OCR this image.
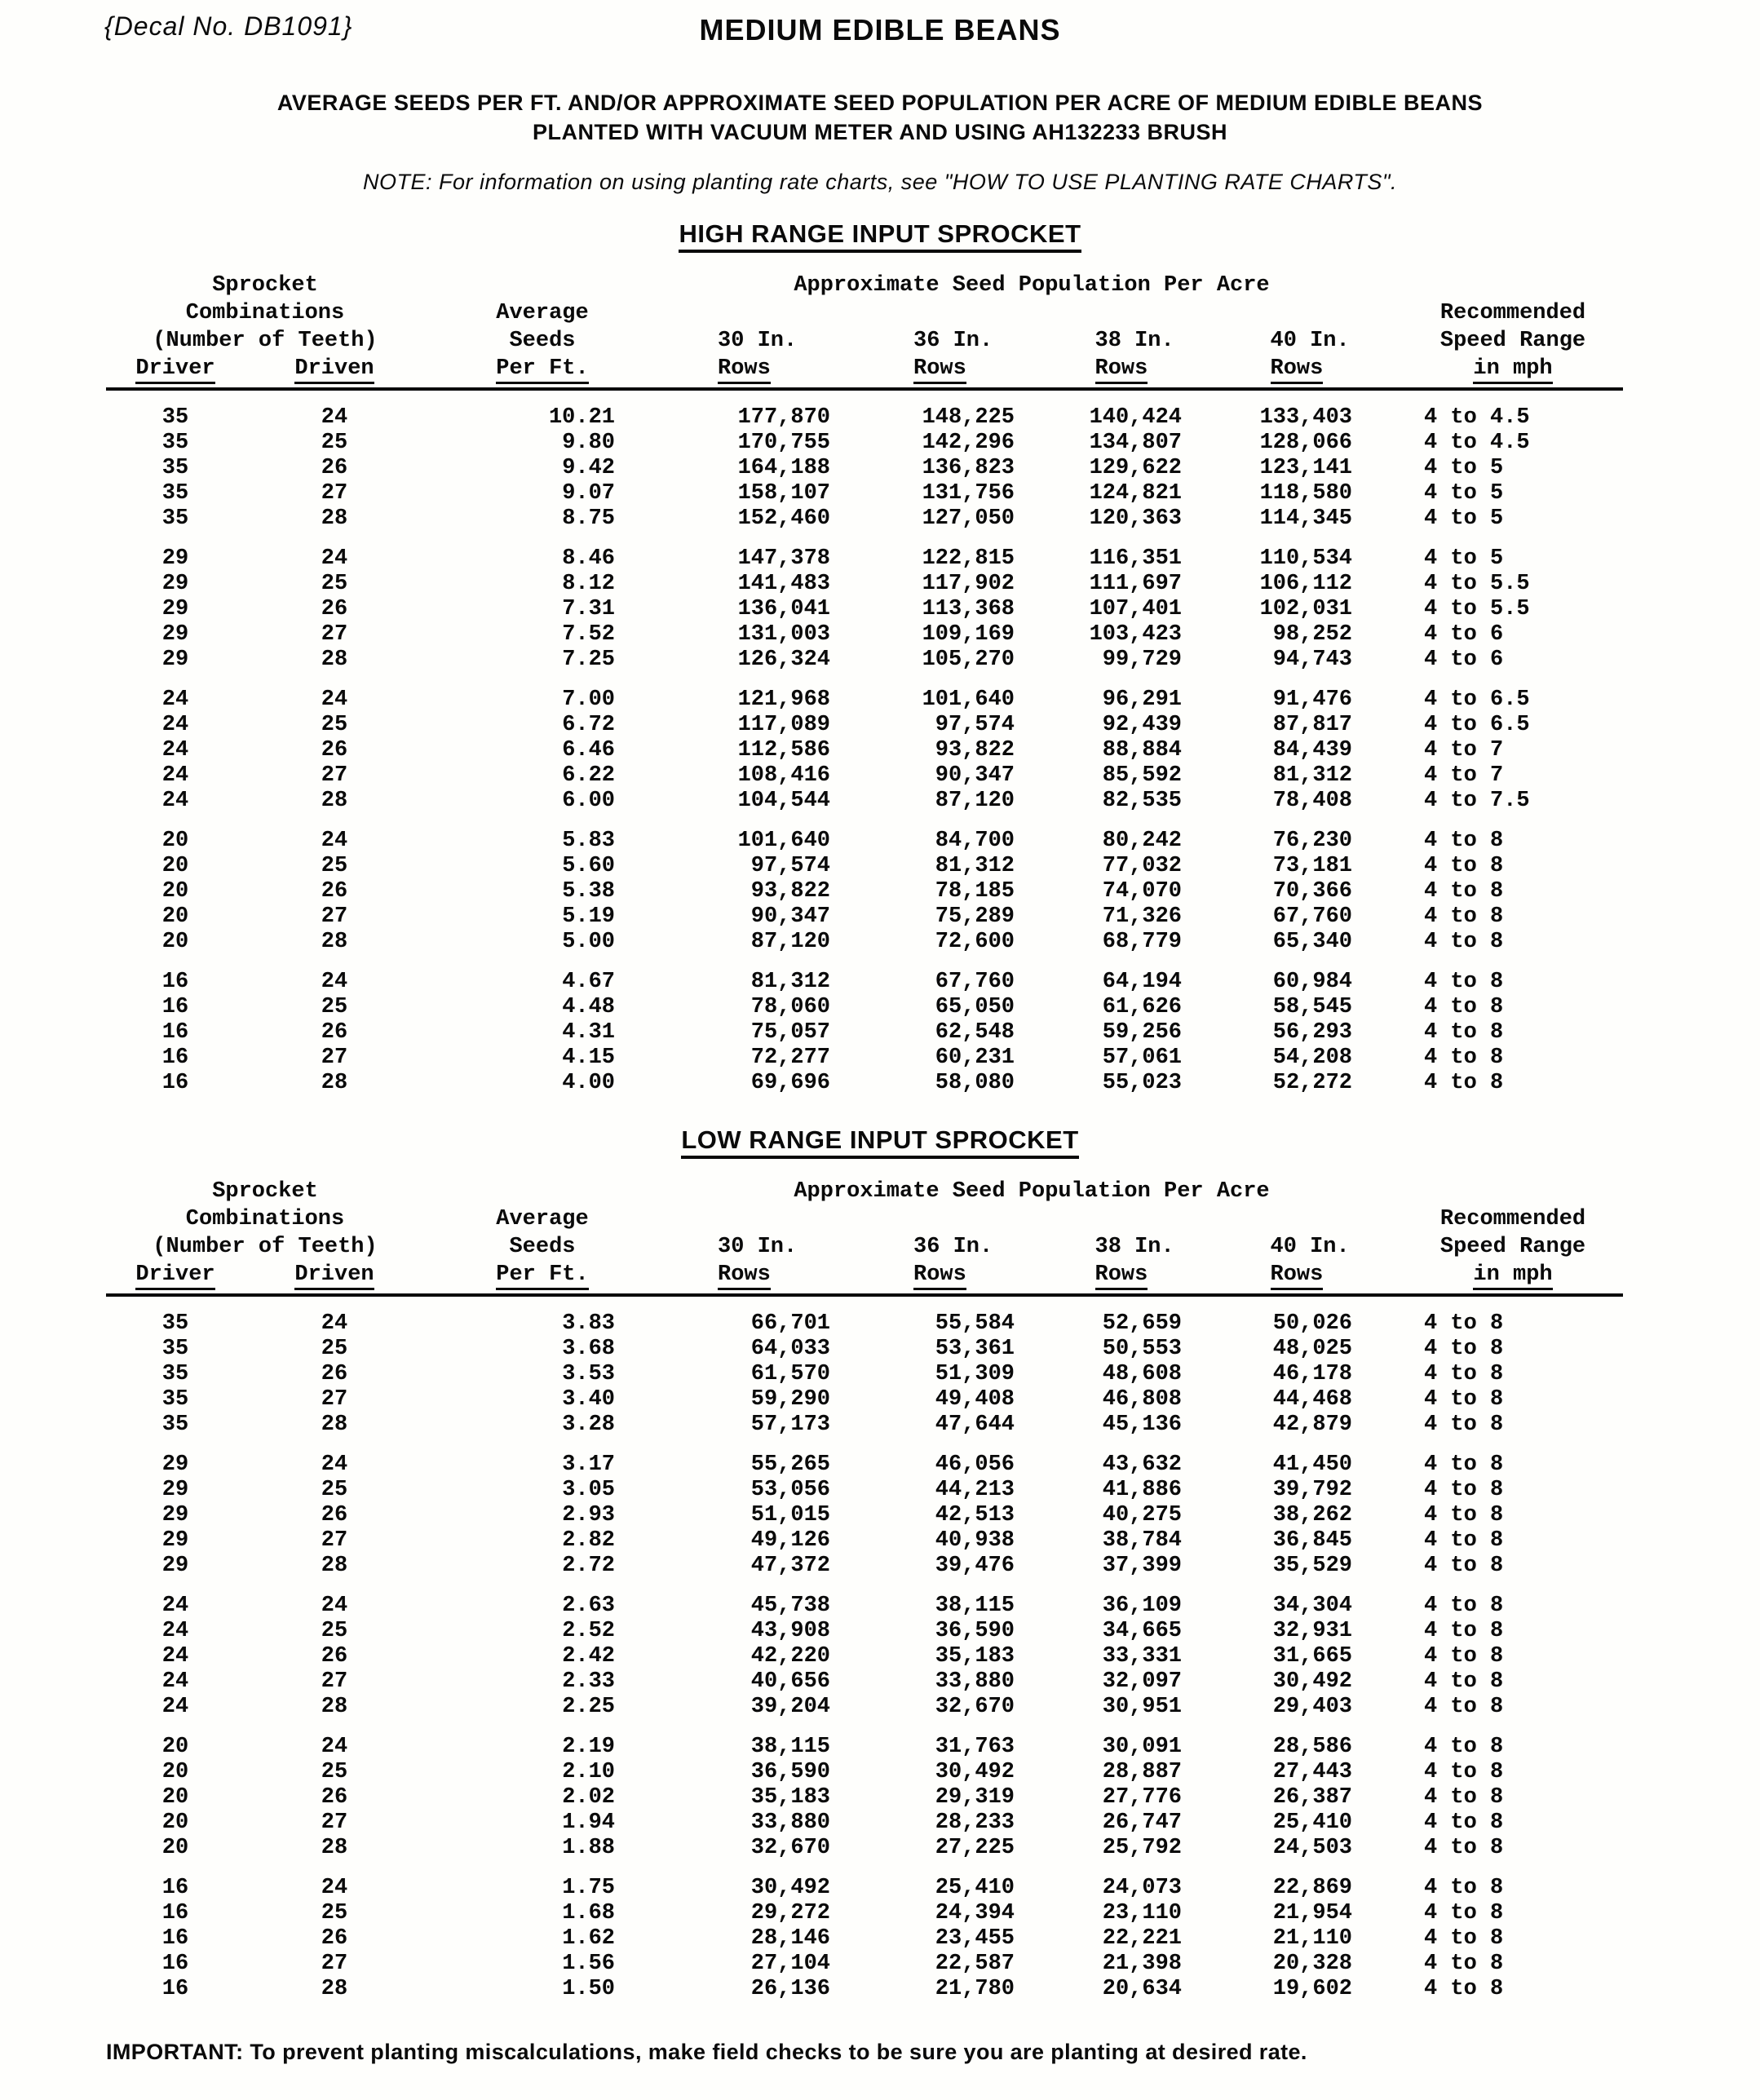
{Decal No. DB1091}	MEDIUM EDIBLE BEANS
AVERAGE SEEDS PER FT. AND/OR APPROXIMATE SEED POPULATION PER ACRE OF MEDIUM EDIBLE BEANS
PLANTED WITH VACUUM METER AND USING AH132233 BRUSH
NOTE: For information on using planting rate charts, see "HOW TO USE PLANTING RATE CHARTS".
HIGH RANGE INPUT SPROCKET
Sprocket	Approximate Seed Population Per Acre
Combinations	Average	Recommended
(Number of Teeth)	Seeds	30 In.	36 In.	38 In.	40 In.	Speed Range
Driver	Driven	Per Ft.	Rows	Rows	Rows	Rows	in mph
35	24	10.21	177,870	148,225	140,424	133,403	4 to 4.5
35	25	9.80	170,755	142,296	134,807	128,066	4 to 4.5
35	26	9.42	164,188	136,823	129,622	123,141	4 to 5
35	27	9.07	158,107	131,756	124,821	118,580	4 to 5
35	28	8.75	152,460	127,050	120,363	114,345	4 to 5
29	24	8.46	147,378	122,815	116,351	110,534	4 to 5
29	25	8.12	141,483	117,902	111,697	106,112	4 to 5.5
29	26	7.31	136,041	113,368	107,401	102,031	4 to 5.5
29	27	7.52	131,003	109,169	103,423	98,252	4 to 6
29	28	7.25	126,324	105,270	99,729	94,743	4 to 6
24	24	7.00	121,968	101,640	96,291	91,476	4 to 6.5
24	25	6.72	117,089	97,574	92,439	87,817	4 to 6.5
24	26	6.46	112,586	93,822	88,884	84,439	4 to 7
24	27	6.22	108,416	90,347	85,592	81,312	4 to 7
24	28	6.00	104,544	87,120	82,535	78,408	4 to 7.5
20	24	5.83	101,640	84,700	80,242	76,230	4 to 8
20	25	5.60	97,574	81,312	77,032	73,181	4 to 8
20	26	5.38	93,822	78,185	74,070	70,366	4 to 8
20	27	5.19	90,347	75,289	71,326	67,760	4 to 8
20	28	5.00	87,120	72,600	68,779	65,340	4 to 8
16	24	4.67	81,312	67,760	64,194	60,984	4 to 8
16	25	4.48	78,060	65,050	61,626	58,545	4 to 8
16	26	4.31	75,057	62,548	59,256	56,293	4 to 8
16	27	4.15	72,277	60,231	57,061	54,208	4 to 8
16	28	4.00	69,696	58,080	55,023	52,272	4 to 8
LOW RANGE INPUT SPROCKET
Sprocket	Approximate Seed Population Per Acre
Combinations	Average	Recommended
(Number of Teeth)	Seeds	30 In.	36 In.	38 In.	40 In.	Speed Range
Driver	Driven	Per Ft.	Rows	Rows	Rows	Rows	in mph
35	24	3.83	66,701	55,584	52,659	50,026	4 to 8
35	25	3.68	64,033	53,361	50,553	48,025	4 to 8
35	26	3.53	61,570	51,309	48,608	46,178	4 to 8
35	27	3.40	59,290	49,408	46,808	44,468	4 to 8
35	28	3.28	57,173	47,644	45,136	42,879	4 to 8
29	24	3.17	55,265	46,056	43,632	41,450	4 to 8
29	25	3.05	53,056	44,213	41,886	39,792	4 to 8
29	26	2.93	51,015	42,513	40,275	38,262	4 to 8
29	27	2.82	49,126	40,938	38,784	36,845	4 to 8
29	28	2.72	47,372	39,476	37,399	35,529	4 to 8
24	24	2.63	45,738	38,115	36,109	34,304	4 to 8
24	25	2.52	43,908	36,590	34,665	32,931	4 to 8
24	26	2.42	42,220	35,183	33,331	31,665	4 to 8
24	27	2.33	40,656	33,880	32,097	30,492	4 to 8
24	28	2.25	39,204	32,670	30,951	29,403	4 to 8
20	24	2.19	38,115	31,763	30,091	28,586	4 to 8
20	25	2.10	36,590	30,492	28,887	27,443	4 to 8
20	26	2.02	35,183	29,319	27,776	26,387	4 to 8
20	27	1.94	33,880	28,233	26,747	25,410	4 to 8
20	28	1.88	32,670	27,225	25,792	24,503	4 to 8
16	24	1.75	30,492	25,410	24,073	22,869	4 to 8
16	25	1.68	29,272	24,394	23,110	21,954	4 to 8
16	26	1.62	28,146	23,455	22,221	21,110	4 to 8
16	27	1.56	27,104	22,587	21,398	20,328	4 to 8
16	28	1.50	26,136	21,780	20,634	19,602	4 to 8
IMPORTANT: To prevent planting miscalculations, make field checks to be sure you are planting at desired rate.
